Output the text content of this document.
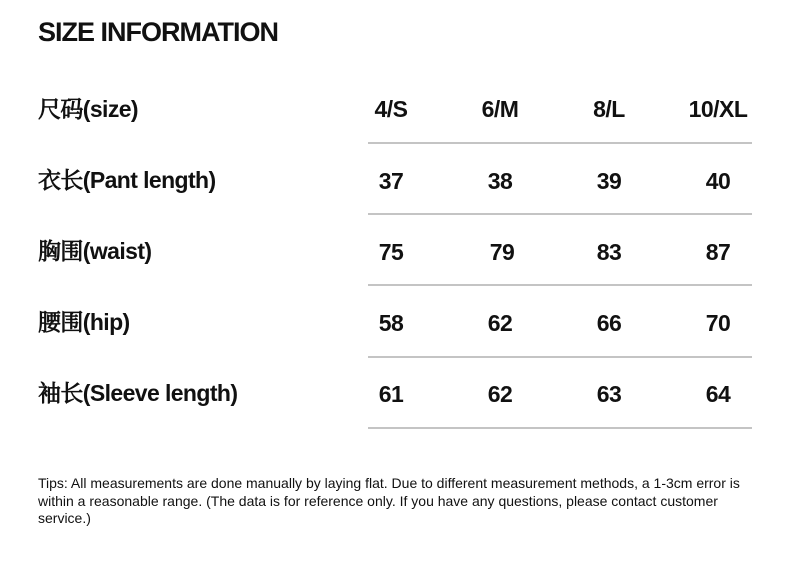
SIZE INFORMATION
尺码(size)	4/S	6/M	8/L	10/XL
衣长(Pant length)	37	38	39	40
胸围(waist)	75	79	83	87
腰围(hip)	58	62	66	70
袖长(Sleeve length)	61	62	63	64
Tips: All measurements are done manually by laying flat. Due to different measurement methods, a 1-3cm error is within a reasonable range. (The data is for reference only. If you have any questions, please contact customer service.)
